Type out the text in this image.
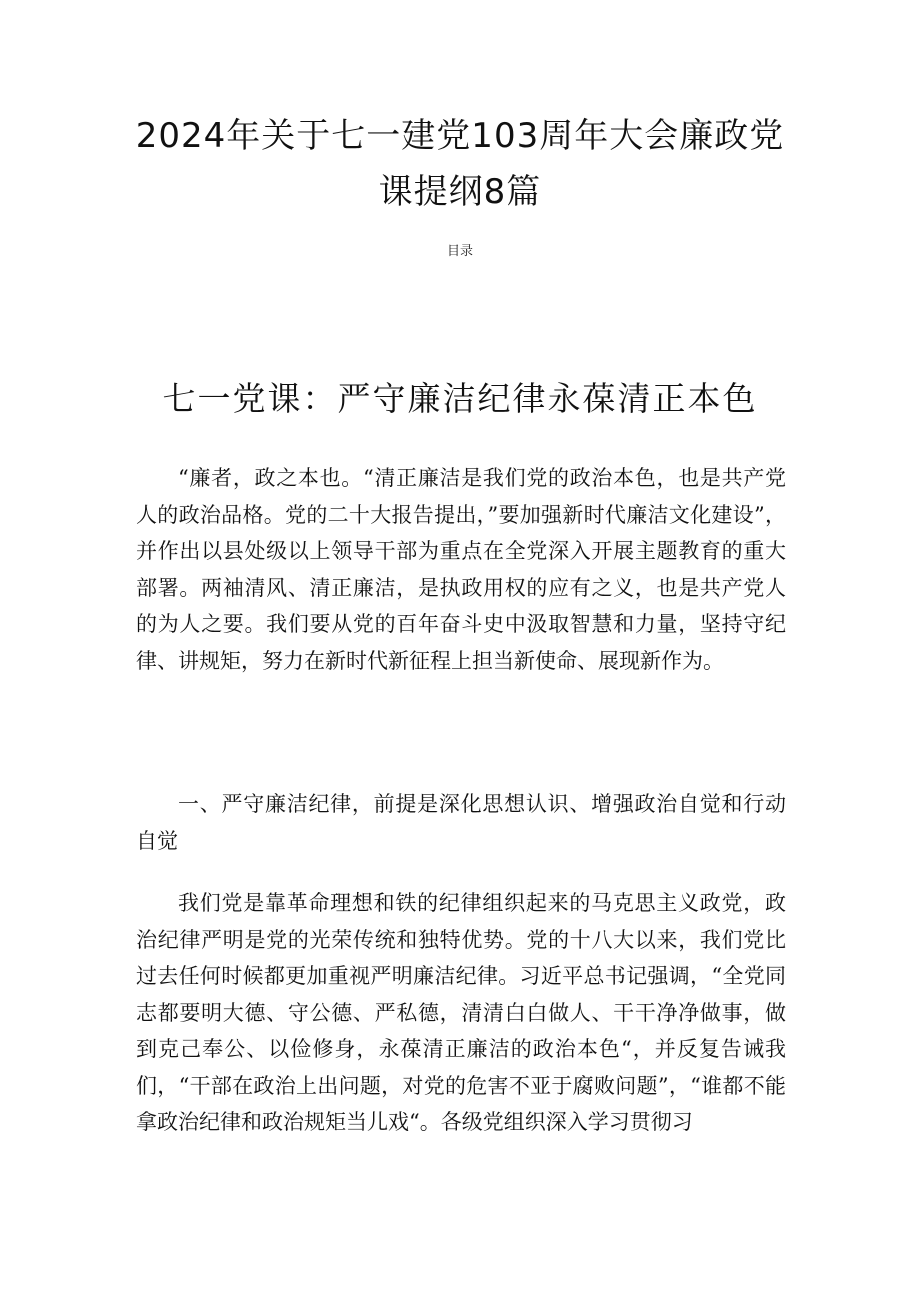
2024年关于七一建党103周年大会廉政党课提纲8篇
目录
七一党课：严守廉洁纪律永葆清正本色

“廉者，政之本也。“清正廉洁是我们党的政治本色，也是共产党人的政治品格。党的二十大报告提出，”要加强新时代廉洁文化建设”，并作出以县处级以上领导干部为重点在全党深入开展主题教育的重大部署。两袖清风、清正廉洁，是执政用权的应有之义，也是共产党人的为人之要。我们要从党的百年奋斗史中汲取智慧和力量，坚持守纪律、讲规矩，努力在新时代新征程上担当新使命、展现新作为。

一、严守廉洁纪律，前提是深化思想认识、增强政治自觉和行动自觉

我们党是靠革命理想和铁的纪律组织起来的马克思主义政党，政治纪律严明是党的光荣传统和独特优势。党的十八大以来，我们党比过去任何时候都更加重视严明廉洁纪律。习近平总书记强调，“全党同志都要明大德、守公德、严私德，清清白白做人、干干净净做事，做到克己奉公、以俭修身，永葆清正廉洁的政治本色“，并反复告诫我们，“干部在政治上出问题，对党的危害不亚于腐败问题”，“谁都不能拿政治纪律和政治规矩当儿戏“。各级党组织深入学习贯彻习
